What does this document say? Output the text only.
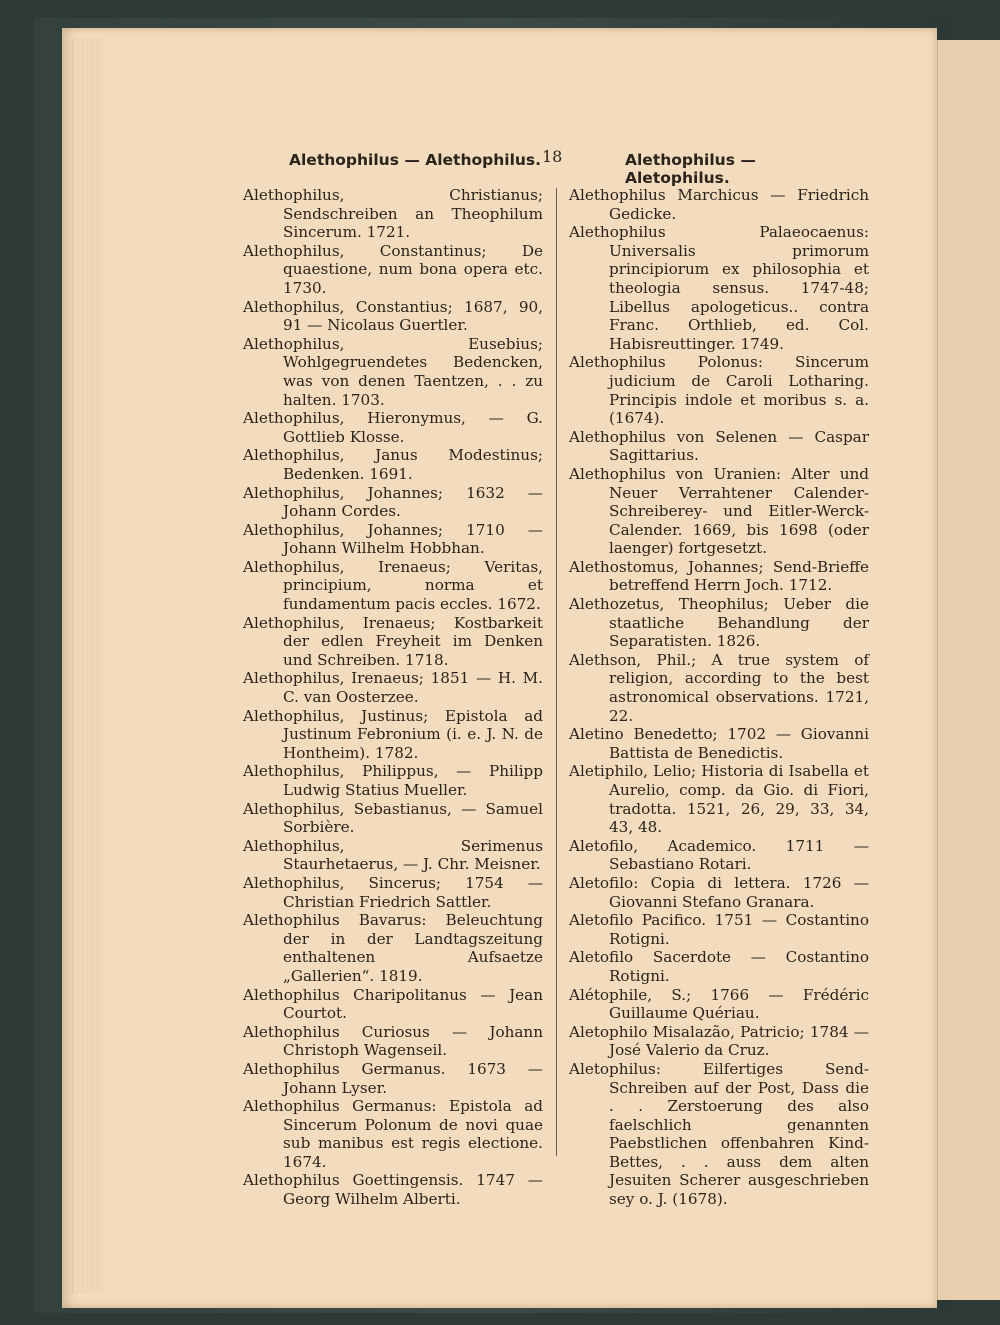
Alethophilus — Alethophilus. 18	Alethophilus — Aletophilus.

Alethophilus, Christianus; Sendschreiben an Theophilum Sincerum. 1721.

Alethophilus, Constantinus; De quaestione, num bona opera etc. 1730.

Alethophilus, Constantius; 1687, 90, 91 — Nicolaus Guertler.

Alethophilus, Eusebius; Wohlgegruendetes Bedencken, was von denen Taentzen, . . zu halten. 1703.

Alethophilus, Hieronymus, — G. Gottlieb Klosse.

Alethophilus, Janus Modestinus; Bedenken. 1691.

Alethophilus, Johannes; 1632 — Johann Cordes.

Alethophilus, Johannes; 1710 — Johann Wilhelm Hobbhan.

Alethophilus, Irenaeus; Veritas, principium, norma et fundamentum pacis eccles. 1672.

Alethophilus, Irenaeus; Kostbarkeit der edlen Freyheit im Denken und Schreiben. 1718.

Alethophilus, Irenaeus; 1851 — H. M. C. van Oosterzee.

Alethophilus, Justinus; Epistola ad Justinum Febronium (i. e. J. N. de Hontheim). 1782.

Alethophilus, Philippus, — Philipp Ludwig Statius Mueller.

Alethophilus, Sebastianus, — Samuel Sorbière.

Alethophilus, Serimenus Staurhetaerus, — J. Chr. Meisner.

Alethophilus, Sincerus; 1754 — Christian Friedrich Sattler.

Alethophilus Bavarus: Beleuchtung der in der Landtagszeitung enthaltenen Aufsaetze „Gallerien“. 1819.

Alethophilus Charipolitanus — Jean Courtot.

Alethophilus Curiosus — Johann Christoph Wagenseil.

Alethophilus Germanus. 1673 — Johann Lyser.

Alethophilus Germanus: Epistola ad Sincerum Polonum de novi quae sub manibus est regis electione. 1674.

Alethophilus Goettingensis. 1747 — Georg Wilhelm Alberti.

Alethophilus Marchicus — Friedrich Gedicke.

Alethophilus Palaeocaenus: Universalis primorum principiorum ex philosophia et theologia sensus. 1747-48; Libellus apologeticus.. contra Franc. Orthlieb, ed. Col. Habisreuttinger. 1749.

Alethophilus Polonus: Sincerum judicium de Caroli Lotharing. Principis indole et moribus s. a. (1674).

Alethophilus von Selenen — Caspar Sagittarius.

Alethophilus von Uranien: Alter und Neuer Verrahtener Calender-Schreiberey- und Eitler-Werck-Calender. 1669, bis 1698 (oder laenger) fortgesetzt.

Alethostomus, Johannes; Send-Brieffe betreffend Herrn Joch. 1712.

Alethozetus, Theophilus; Ueber die staatliche Behandlung der Separatisten. 1826.

Alethson, Phil.; A true system of religion, according to the best astronomical observations. 1721, 22.

Aletino Benedetto; 1702 — Giovanni Battista de Benedictis.

Aletiphilo, Lelio; Historia di Isabella et Aurelio, comp. da Gio. di Fiori, tradotta. 1521, 26, 29, 33, 34, 43, 48.

Aletofilo, Academico. 1711 — Sebastiano Rotari.

Aletofilo: Copia di lettera. 1726 — Giovanni Stefano Granara.

Aletofilo Pacifico. 1751 — Costantino Rotigni.

Aletofilo Sacerdote — Costantino Rotigni.

Alétophile, S.; 1766 — Frédéric Guillaume Quériau.

Aletophilo Misalazão, Patricio; 1784 — José Valerio da Cruz.

Aletophilus: Eilfertiges Send-Schreiben auf der Post, Dass die . . Zerstoerung des also faelschlich genannten Paebstlichen offenbahren Kind-Bettes, . . auss dem alten Jesuiten Scherer ausgeschrieben sey o. J. (1678).
